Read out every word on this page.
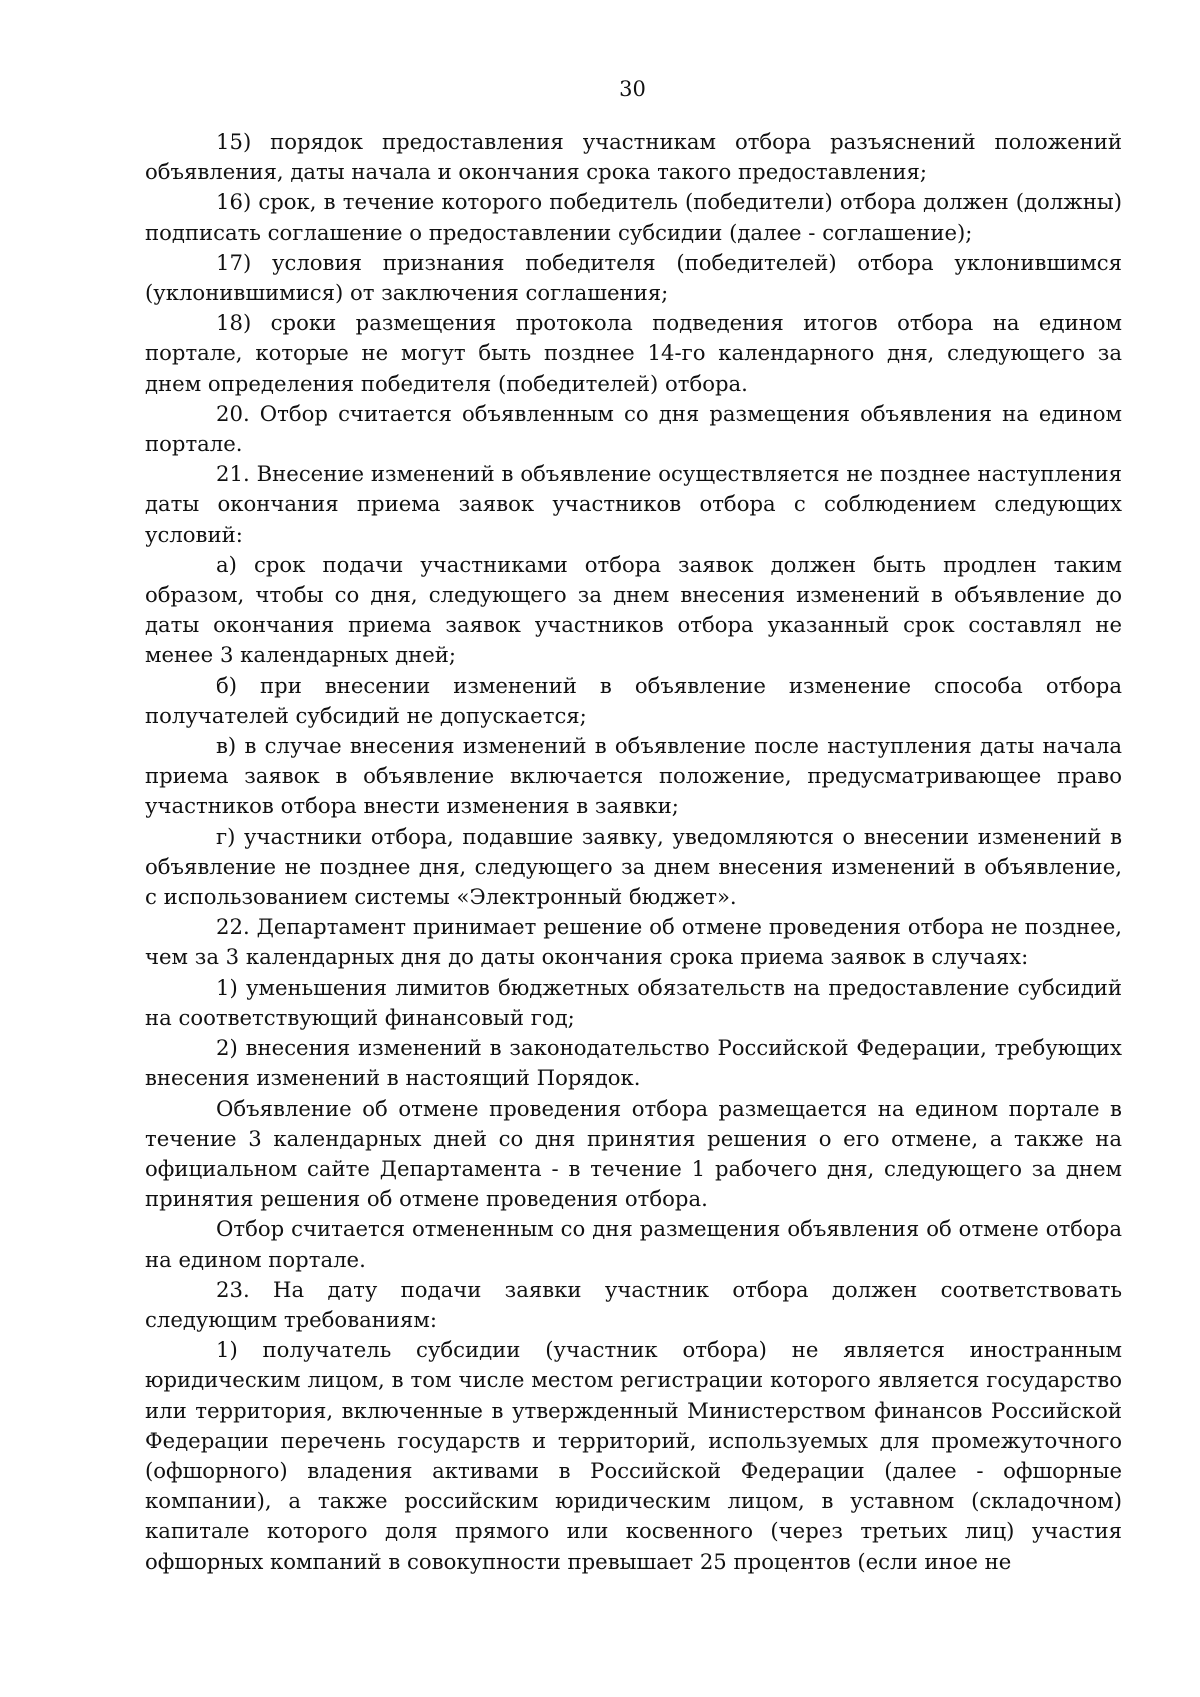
30

15) порядок предоставления участникам отбора разъяснений положений объявления, даты начала и окончания срока такого предоставления;

16) срок, в течение которого победитель (победители) отбора должен (должны) подписать соглашение о предоставлении субсидии (далее - соглашение);

17) условия признания победителя (победителей) отбора уклонившимся (уклонившимися) от заключения соглашения;

18) сроки размещения протокола подведения итогов отбора на едином портале, которые не могут быть позднее 14-го календарного дня, следующего за днем определения победителя (победителей) отбора.

20. Отбор считается объявленным со дня размещения объявления на едином портале.

21. Внесение изменений в объявление осуществляется не позднее наступления даты окончания приема заявок участников отбора с соблюдением следующих условий:

а) срок подачи участниками отбора заявок должен быть продлен таким образом, чтобы со дня, следующего за днем внесения изменений в объявление до даты окончания приема заявок участников отбора указанный срок составлял не менее 3 календарных дней;

б) при внесении изменений в объявление изменение способа отбора получателей субсидий не допускается;

в) в случае внесения изменений в объявление после наступления даты начала приема заявок в объявление включается положение, предусматривающее право участников отбора внести изменения в заявки;

г) участники отбора, подавшие заявку, уведомляются о внесении изменений в объявление не позднее дня, следующего за днем внесения изменений в объявление, с использованием системы «Электронный бюджет».

22. Департамент принимает решение об отмене проведения отбора не позднее, чем за 3 календарных дня до даты окончания срока приема заявок в случаях:

1) уменьшения лимитов бюджетных обязательств на предоставление субсидий на соответствующий финансовый год;

2) внесения изменений в законодательство Российской Федерации, требующих внесения изменений в настоящий Порядок.

Объявление об отмене проведения отбора размещается на едином портале в течение 3 календарных дней со дня принятия решения о его отмене, а также на официальном сайте Департамента - в течение 1 рабочего дня, следующего за днем принятия решения об отмене проведения отбора.

Отбор считается отмененным со дня размещения объявления об отмене отбора на едином портале.

23. На дату подачи заявки участник отбора должен соответствовать следующим требованиям:

1) получатель субсидии (участник отбора) не является иностранным юридическим лицом, в том числе местом регистрации которого является государство или территория, включенные в утвержденный Министерством финансов Российской Федерации перечень государств и территорий, используемых для промежуточного (офшорного) владения активами в Российской Федерации (далее - офшорные компании), а также российским юридическим лицом, в уставном (складочном) капитале которого доля прямого или косвенного (через третьих лиц) участия офшорных компаний в совокупности превышает 25 процентов (если иное не
